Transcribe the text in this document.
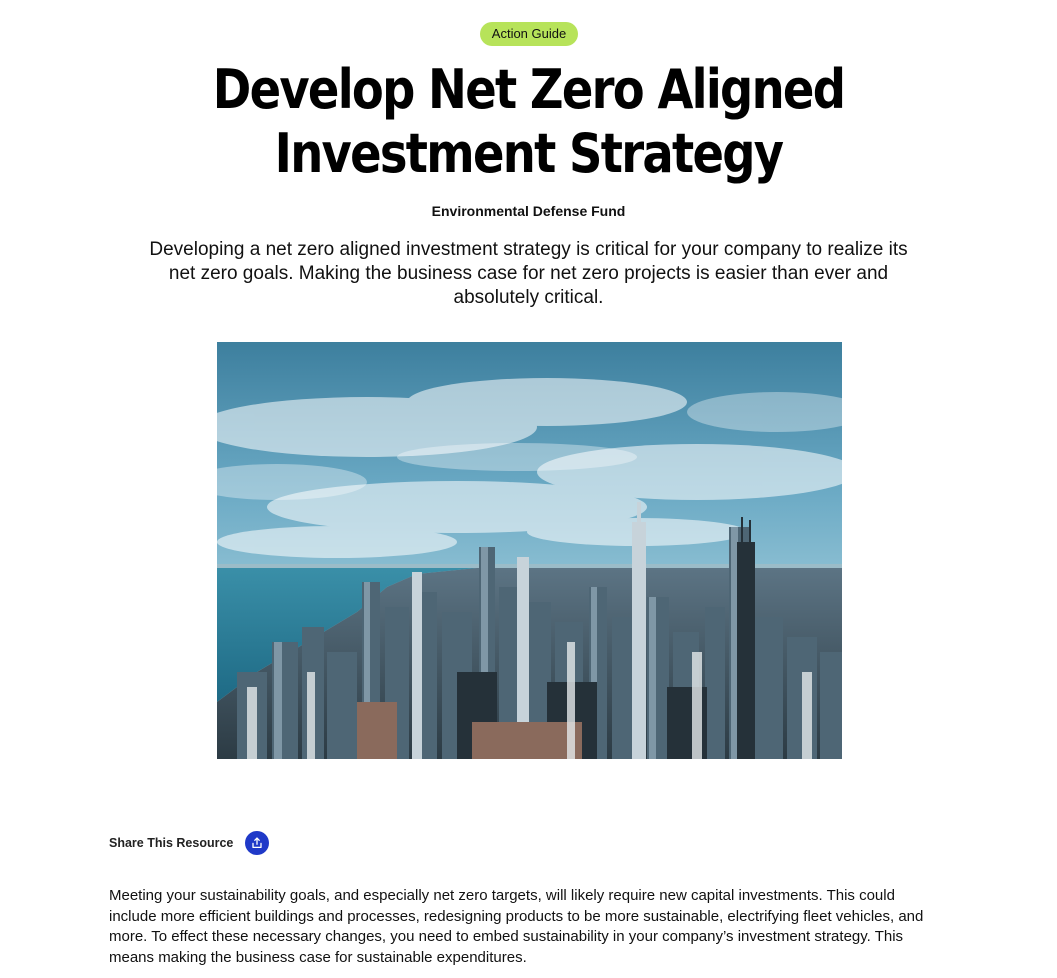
Action Guide
Develop Net Zero Aligned Investment Strategy
Environmental Defense Fund

Developing a net zero aligned investment strategy is critical for your company to realize its net zero goals. Making the business case for net zero projects is easier than ever and absolutely critical.

Share This Resource

Meeting your sustainability goals, and especially net zero targets, will likely require new capital investments. This could include more efficient buildings and processes, redesigning products to be more sustainable, electrifying fleet vehicles, and more. To effect these necessary changes, you need to embed sustainability in your company’s investment strategy. This means making the business case for sustainable expenditures.
